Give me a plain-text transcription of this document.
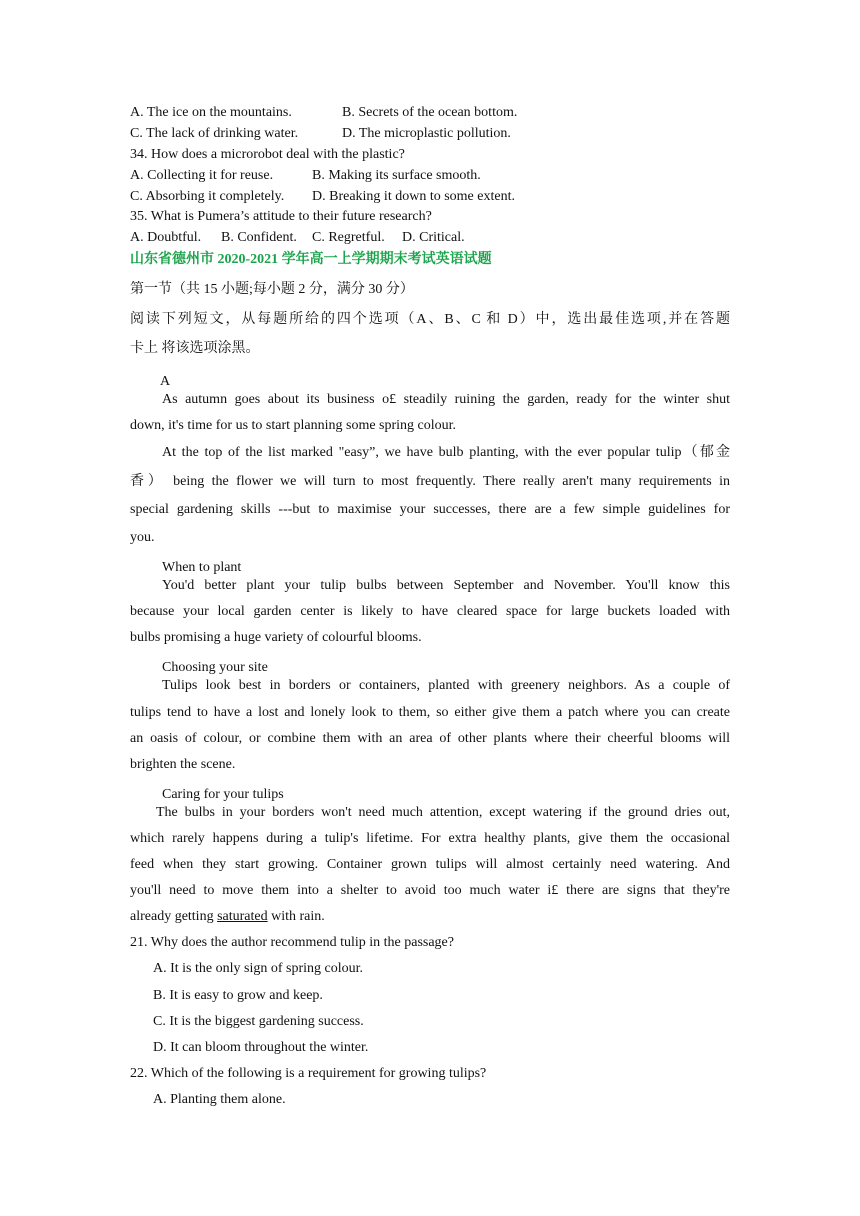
A. The ice on the mountains.	B. Secrets of the ocean bottom.
C. The lack of drinking water.	D. The microplastic pollution.
34. How does a microrobot deal with the plastic?
A. Collecting it for reuse.	B. Making its surface smooth.
C. Absorbing it completely. D. Breaking it down to some extent.
35. What is Pumera’s attitude to their future research?
A. Doubtful. B. Confident. C. Regretful. D. Critical.
山东省德州市 2020-2021 学年高一上学期期末考试英语试题
第一节（共 15 小题;每小题 2 分，满分 30 分）
阅读下列短文，从每题所给的四个选项（A、B、C 和 D）中，选出最佳选项,并在答题
卡上 将该选项涂黑。
A
As autumn goes about its business o£ steadily ruining the garden, ready for the winter shut
down, it's time for us to start planning some spring colour.
At the top of the list marked "easy”, we have bulb planting, with the ever popular tulip（郁金
香） being the flower we will turn to most frequently. There really aren't many requirements in
special gardening skills ---but to maximise your successes, there are a few simple guidelines for
you.
When to plant
You'd better plant your tulip bulbs between September and November. You'll know this
because your local garden center is likely to have cleared space for large buckets loaded with
bulbs promising a huge variety of colourful blooms.
Choosing your site
Tulips look best in borders or containers, planted with greenery neighbors. As a couple of
tulips tend to have a lost and lonely look to them, so either give them a patch where you can create
an oasis of colour, or combine them with an area of other plants where their cheerful blooms will
brighten the scene.
Caring for your tulips
The bulbs in your borders won't need much attention, except watering if the ground dries out,
which rarely happens during a tulip's lifetime. For extra healthy plants, give them the occasional
feed when they start growing. Container grown tulips will almost certainly need watering. And
you'll need to move them into a shelter to avoid too much water i£ there are signs that they're
already getting saturated with rain.
21. Why does the author recommend tulip in the passage?
A. It is the only sign of spring colour.
B. It is easy to grow and keep.
C. It is the biggest gardening success.
D. It can bloom throughout the winter.
22. Which of the following is a requirement for growing tulips?
A. Planting them alone.
